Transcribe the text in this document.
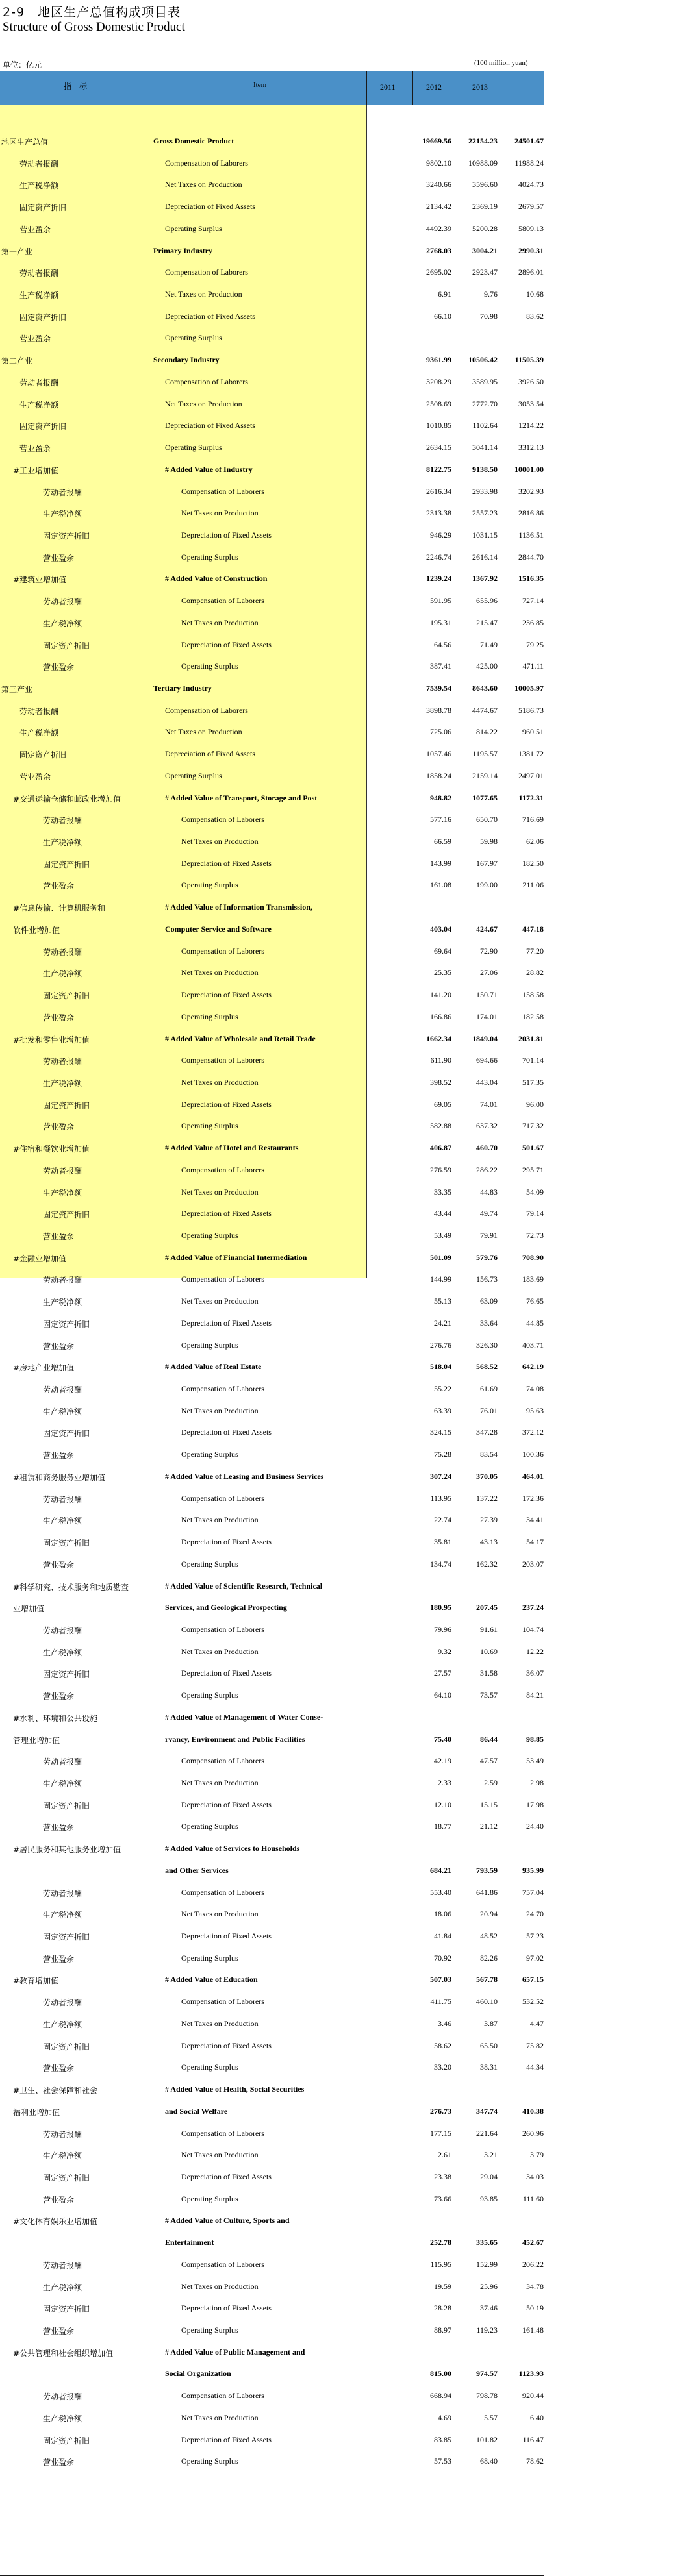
2-9　地区生产总值构成项目表
Structure of Gross Domestic Product
单位：亿元	(100 million yuan)
指　标	Item	2011	2012	2013
地区生产总值	Gross Domestic Product	19669.56	22154.23	24501.67
劳动者报酬	Compensation of Laborers	9802.10	10988.09	11988.24
生产税净额	Net Taxes on Production	3240.66	3596.60	4024.73
固定资产折旧	Depreciation of Fixed Assets	2134.42	2369.19	2679.57
营业盈余	Operating Surplus	4492.39	5200.28	5809.13
第一产业	Primary Industry	2768.03	3004.21	2990.31
劳动者报酬	Compensation of Laborers	2695.02	2923.47	2896.01
生产税净额	Net Taxes on Production	6.91	9.76	10.68
固定资产折旧	Depreciation of Fixed Assets	66.10	70.98	83.62
营业盈余	Operating Surplus
第二产业	Secondary Industry	9361.99	10506.42	11505.39
劳动者报酬	Compensation of Laborers	3208.29	3589.95	3926.50
生产税净额	Net Taxes on Production	2508.69	2772.70	3053.54
固定资产折旧	Depreciation of Fixed Assets	1010.85	1102.64	1214.22
营业盈余	Operating Surplus	2634.15	3041.14	3312.13
#工业增加值	# Added Value of Industry	8122.75	9138.50	10001.00
劳动者报酬	Compensation of Laborers	2616.34	2933.98	3202.93
生产税净额	Net Taxes on Production	2313.38	2557.23	2816.86
固定资产折旧	Depreciation of Fixed Assets	946.29	1031.15	1136.51
营业盈余	Operating Surplus	2246.74	2616.14	2844.70
#建筑业增加值	# Added Value of Construction	1239.24	1367.92	1516.35
劳动者报酬	Compensation of Laborers	591.95	655.96	727.14
生产税净额	Net Taxes on Production	195.31	215.47	236.85
固定资产折旧	Depreciation of Fixed Assets	64.56	71.49	79.25
营业盈余	Operating Surplus	387.41	425.00	471.11
第三产业	Tertiary Industry	7539.54	8643.60	10005.97
劳动者报酬	Compensation of Laborers	3898.78	4474.67	5186.73
生产税净额	Net Taxes on Production	725.06	814.22	960.51
固定资产折旧	Depreciation of Fixed Assets	1057.46	1195.57	1381.72
营业盈余	Operating Surplus	1858.24	2159.14	2497.01
#交通运输仓储和邮政业增加值	# Added Value of Transport, Storage and Post	948.82	1077.65	1172.31
劳动者报酬	Compensation of Laborers	577.16	650.70	716.69
生产税净额	Net Taxes on Production	66.59	59.98	62.06
固定资产折旧	Depreciation of Fixed Assets	143.99	167.97	182.50
营业盈余	Operating Surplus	161.08	199.00	211.06
#信息传输、计算机服务和	# Added Value of Information Transmission,
软件业增加值	Computer Service and Software	403.04	424.67	447.18
劳动者报酬	Compensation of Laborers	69.64	72.90	77.20
生产税净额	Net Taxes on Production	25.35	27.06	28.82
固定资产折旧	Depreciation of Fixed Assets	141.20	150.71	158.58
营业盈余	Operating Surplus	166.86	174.01	182.58
#批发和零售业增加值	# Added Value of Wholesale and Retail Trade	1662.34	1849.04	2031.81
劳动者报酬	Compensation of Laborers	611.90	694.66	701.14
生产税净额	Net Taxes on Production	398.52	443.04	517.35
固定资产折旧	Depreciation of Fixed Assets	69.05	74.01	96.00
营业盈余	Operating Surplus	582.88	637.32	717.32
#住宿和餐饮业增加值	# Added Value of Hotel and Restaurants	406.87	460.70	501.67
劳动者报酬	Compensation of Laborers	276.59	286.22	295.71
生产税净额	Net Taxes on Production	33.35	44.83	54.09
固定资产折旧	Depreciation of Fixed Assets	43.44	49.74	79.14
营业盈余	Operating Surplus	53.49	79.91	72.73
#金融业增加值	# Added Value of Financial Intermediation	501.09	579.76	708.90
劳动者报酬	Compensation of Laborers	144.99	156.73	183.69
生产税净额	Net Taxes on Production	55.13	63.09	76.65
固定资产折旧	Depreciation of Fixed Assets	24.21	33.64	44.85
营业盈余	Operating Surplus	276.76	326.30	403.71
#房地产业增加值	# Added Value of Real Estate	518.04	568.52	642.19
劳动者报酬	Compensation of Laborers	55.22	61.69	74.08
生产税净额	Net Taxes on Production	63.39	76.01	95.63
固定资产折旧	Depreciation of Fixed Assets	324.15	347.28	372.12
营业盈余	Operating Surplus	75.28	83.54	100.36
#租赁和商务服务业增加值	# Added Value of Leasing and Business Services	307.24	370.05	464.01
劳动者报酬	Compensation of Laborers	113.95	137.22	172.36
生产税净额	Net Taxes on Production	22.74	27.39	34.41
固定资产折旧	Depreciation of Fixed Assets	35.81	43.13	54.17
营业盈余	Operating Surplus	134.74	162.32	203.07
#科学研究、技术服务和地质勘查	# Added Value of Scientific Research, Technical
业增加值	Services, and Geological Prospecting	180.95	207.45	237.24
劳动者报酬	Compensation of Laborers	79.96	91.61	104.74
生产税净额	Net Taxes on Production	9.32	10.69	12.22
固定资产折旧	Depreciation of Fixed Assets	27.57	31.58	36.07
营业盈余	Operating Surplus	64.10	73.57	84.21
#水利、环境和公共设施	# Added Value of Management of Water Conse-
管理业增加值	rvancy, Environment and Public Facilities	75.40	86.44	98.85
劳动者报酬	Compensation of Laborers	42.19	47.57	53.49
生产税净额	Net Taxes on Production	2.33	2.59	2.98
固定资产折旧	Depreciation of Fixed Assets	12.10	15.15	17.98
营业盈余	Operating Surplus	18.77	21.12	24.40
#居民服务和其他服务业增加值	# Added Value of Services to Households
and Other Services	684.21	793.59	935.99
劳动者报酬	Compensation of Laborers	553.40	641.86	757.04
生产税净额	Net Taxes on Production	18.06	20.94	24.70
固定资产折旧	Depreciation of Fixed Assets	41.84	48.52	57.23
营业盈余	Operating Surplus	70.92	82.26	97.02
#教育增加值	# Added Value of Education	507.03	567.78	657.15
劳动者报酬	Compensation of Laborers	411.75	460.10	532.52
生产税净额	Net Taxes on Production	3.46	3.87	4.47
固定资产折旧	Depreciation of Fixed Assets	58.62	65.50	75.82
营业盈余	Operating Surplus	33.20	38.31	44.34
#卫生、社会保障和社会	# Added Value of Health, Social Securities
福利业增加值	and Social Welfare	276.73	347.74	410.38
劳动者报酬	Compensation of Laborers	177.15	221.64	260.96
生产税净额	Net Taxes on Production	2.61	3.21	3.79
固定资产折旧	Depreciation of Fixed Assets	23.38	29.04	34.03
营业盈余	Operating Surplus	73.66	93.85	111.60
#文化体育娱乐业增加值	# Added Value of Culture, Sports and
Entertainment	252.78	335.65	452.67
劳动者报酬	Compensation of Laborers	115.95	152.99	206.22
生产税净额	Net Taxes on Production	19.59	25.96	34.78
固定资产折旧	Depreciation of Fixed Assets	28.28	37.46	50.19
营业盈余	Operating Surplus	88.97	119.23	161.48
#公共管理和社会组织增加值	# Added Value of Public Management and
Social Organization	815.00	974.57	1123.93
劳动者报酬	Compensation of Laborers	668.94	798.78	920.44
生产税净额	Net Taxes on Production	4.69	5.57	6.40
固定资产折旧	Depreciation of Fixed Assets	83.85	101.82	116.47
营业盈余	Operating Surplus	57.53	68.40	78.62
